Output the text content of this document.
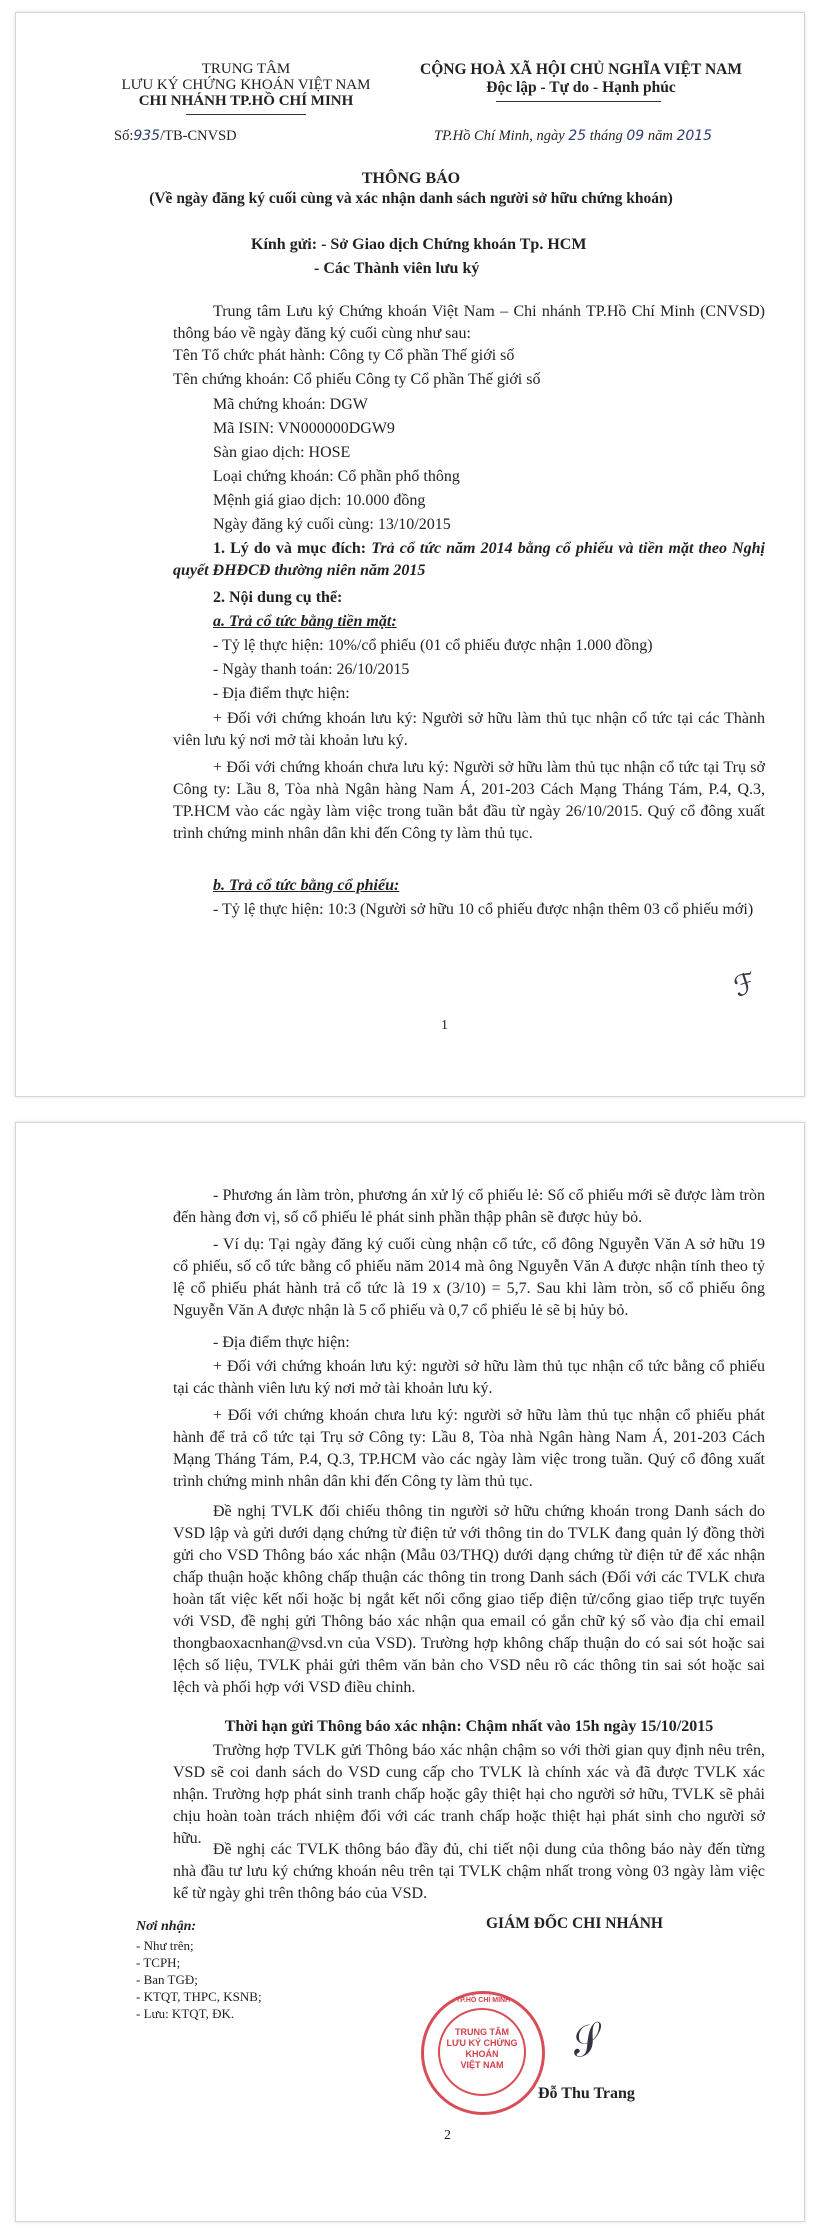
TRUNG TÂM
LƯU KÝ CHỨNG KHOÁN VIỆT NAM
CHI NHÁNH TP.HỒ CHÍ MINH
CỘNG HOÀ XÃ HỘI CHỦ NGHĨA VIỆT NAM
Độc lập - Tự do - Hạnh phúc
Số:935/TB-CNVSD	TP.Hồ Chí Minh, ngày 25 tháng 09 năm 2015
THÔNG BÁO
(Về ngày đăng ký cuối cùng và xác nhận danh sách người sở hữu chứng khoán)
Kính gửi: - Sở Giao dịch Chứng khoán Tp. HCM
- Các Thành viên lưu ký
Trung tâm Lưu ký Chứng khoán Việt Nam – Chi nhánh TP.Hồ Chí Minh (CNVSD) thông báo về ngày đăng ký cuối cùng như sau:
Tên Tổ chức phát hành: Công ty Cổ phần Thế giới số
Tên chứng khoán: Cổ phiếu Công ty Cổ phần Thế giới số
Mã chứng khoán: DGW
Mã ISIN: VN000000DGW9
Sàn giao dịch: HOSE
Loại chứng khoán: Cổ phần phổ thông
Mệnh giá giao dịch: 10.000 đồng
Ngày đăng ký cuối cùng: 13/10/2015
1. Lý do và mục đích: Trả cổ tức năm 2014 bằng cổ phiếu và tiền mặt theo Nghị quyết ĐHĐCĐ thường niên năm 2015
2. Nội dung cụ thể:
a. Trả cổ tức bằng tiền mặt:
- Tỷ lệ thực hiện: 10%/cổ phiếu (01 cổ phiếu được nhận 1.000 đồng)
- Ngày thanh toán: 26/10/2015
- Địa điểm thực hiện:
+ Đối với chứng khoán lưu ký: Người sở hữu làm thủ tục nhận cổ tức tại các Thành viên lưu ký nơi mở tài khoản lưu ký.
+ Đối với chứng khoán chưa lưu ký: Người sở hữu làm thủ tục nhận cổ tức tại Trụ sở Công ty: Lầu 8, Tòa nhà Ngân hàng Nam Á, 201-203 Cách Mạng Tháng Tám, P.4, Q.3, TP.HCM vào các ngày làm việc trong tuần bắt đầu từ ngày 26/10/2015. Quý cổ đông xuất trình chứng minh nhân dân khi đến Công ty làm thủ tục.
b. Trả cổ tức bằng cổ phiếu:
- Tỷ lệ thực hiện: 10:3 (Người sở hữu 10 cổ phiếu được nhận thêm 03 cổ phiếu mới)
ℱ
1
- Phương án làm tròn, phương án xử lý cổ phiếu lẻ: Số cổ phiếu mới sẽ được làm tròn đến hàng đơn vị, số cổ phiếu lẻ phát sinh phần thập phân sẽ được hủy bỏ.
- Ví dụ: Tại ngày đăng ký cuối cùng nhận cổ tức, cổ đông Nguyễn Văn A sở hữu 19 cổ phiếu, số cổ tức bằng cổ phiếu năm 2014 mà ông Nguyễn Văn A được nhận tính theo tỷ lệ cổ phiếu phát hành trả cổ tức là 19 x (3/10) = 5,7. Sau khi làm tròn, số cổ phiếu ông Nguyễn Văn A được nhận là 5 cổ phiếu và 0,7 cổ phiếu lẻ sẽ bị hủy bỏ.
- Địa điểm thực hiện:
+ Đối với chứng khoán lưu ký: người sở hữu làm thủ tục nhận cổ tức bằng cổ phiếu tại các thành viên lưu ký nơi mở tài khoản lưu ký.
+ Đối với chứng khoán chưa lưu ký: người sở hữu làm thủ tục nhận cổ phiếu phát hành để trả cổ tức tại Trụ sở Công ty: Lầu 8, Tòa nhà Ngân hàng Nam Á, 201-203 Cách Mạng Tháng Tám, P.4, Q.3, TP.HCM vào các ngày làm việc trong tuần. Quý cổ đông xuất trình chứng minh nhân dân khi đến Công ty làm thủ tục.
Đề nghị TVLK đối chiếu thông tin người sở hữu chứng khoán trong Danh sách do VSD lập và gửi dưới dạng chứng từ điện tử với thông tin do TVLK đang quản lý đồng thời gửi cho VSD Thông báo xác nhận (Mẫu 03/THQ) dưới dạng chứng từ điện tử để xác nhận chấp thuận hoặc không chấp thuận các thông tin trong Danh sách (Đối với các TVLK chưa hoàn tất việc kết nối hoặc bị ngắt kết nối cổng giao tiếp điện tử/cổng giao tiếp trực tuyến với VSD, đề nghị gửi Thông báo xác nhận qua email có gắn chữ ký số vào địa chỉ email thongbaoxacnhan@vsd.vn của VSD). Trường hợp không chấp thuận do có sai sót hoặc sai lệch số liệu, TVLK phải gửi thêm văn bản cho VSD nêu rõ các thông tin sai sót hoặc sai lệch và phối hợp với VSD điều chỉnh.
Thời hạn gửi Thông báo xác nhận: Chậm nhất vào 15h ngày 15/10/2015
Trường hợp TVLK gửi Thông báo xác nhận chậm so với thời gian quy định nêu trên, VSD sẽ coi danh sách do VSD cung cấp cho TVLK là chính xác và đã được TVLK xác nhận. Trường hợp phát sinh tranh chấp hoặc gây thiệt hại cho người sở hữu, TVLK sẽ phải chịu hoàn toàn trách nhiệm đối với các tranh chấp hoặc thiệt hại phát sinh cho người sở hữu.
Đề nghị các TVLK thông báo đầy đủ, chi tiết nội dung của thông báo này đến từng nhà đầu tư lưu ký chứng khoán nêu trên tại TVLK chậm nhất trong vòng 03 ngày làm việc kể từ ngày ghi trên thông báo của VSD.
Nơi nhận:
- Như trên;
- TCPH;
- Ban TGĐ;
- KTQT, THPC, KSNB;
- Lưu: KTQT, ĐK.
GIÁM ĐỐC CHI NHÁNH
TP.HỒ CHÍ MINH
TRUNG TÂM
LƯU KÝ CHỨNG KHOÁN
VIỆT NAM	𝒮
Đỗ Thu Trang
2
